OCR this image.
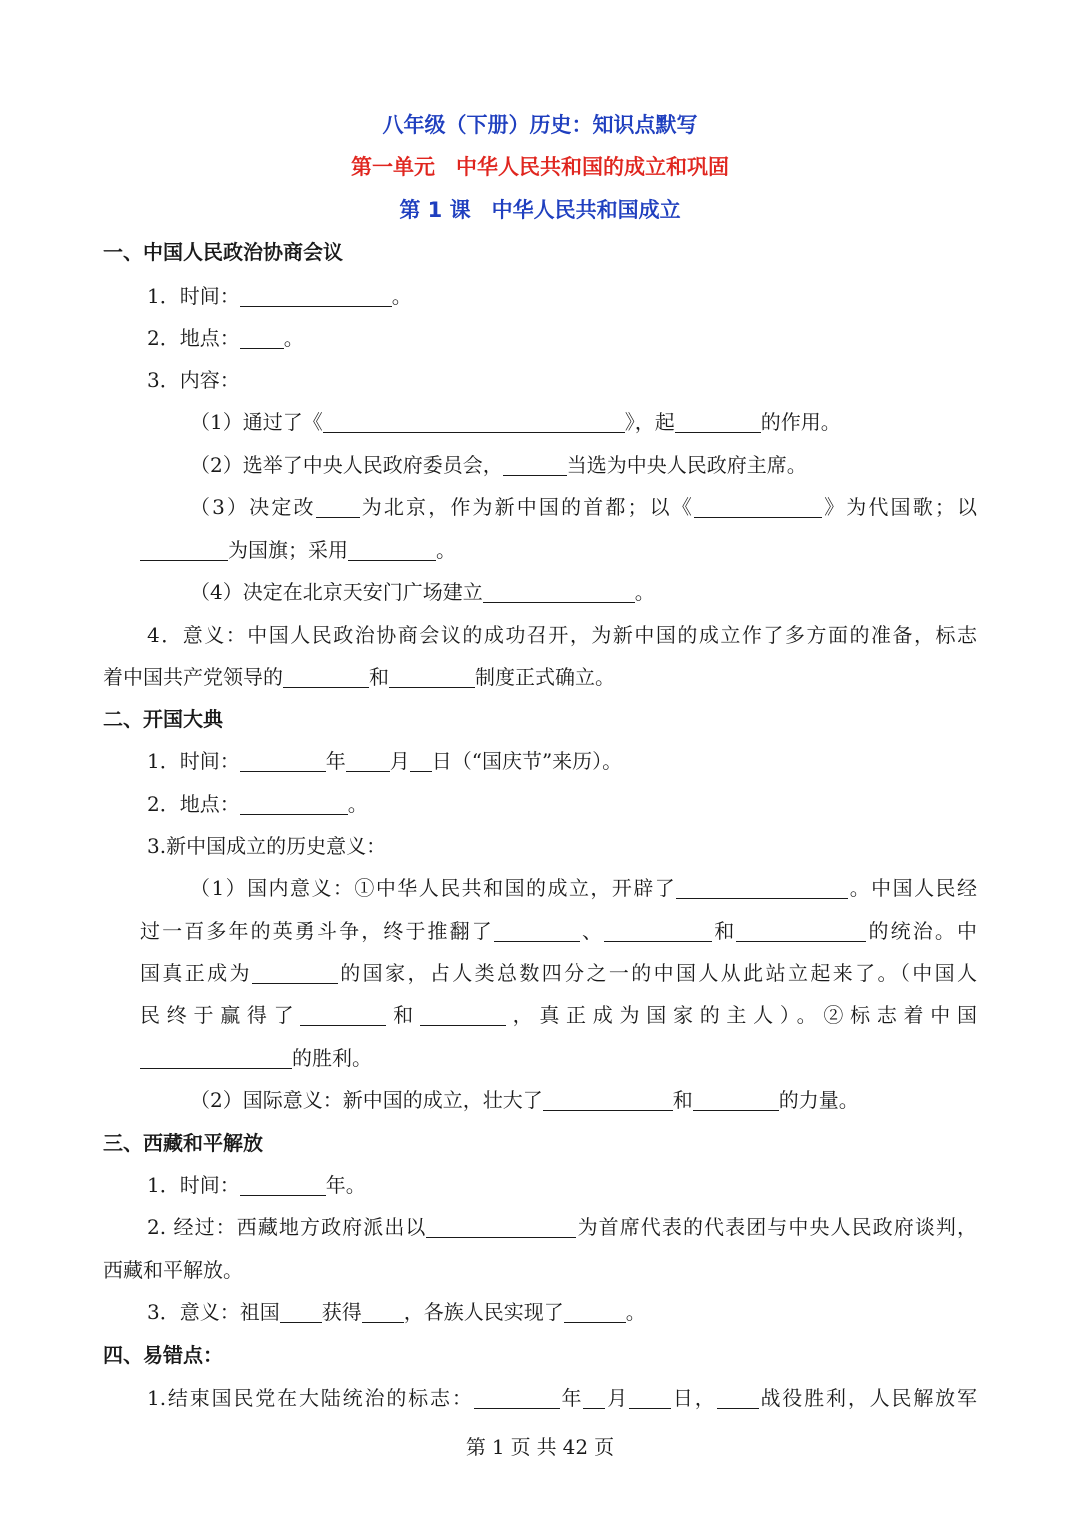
八年级（下册）历史：知识点默写
第一单元　中华人民共和国的成立和巩固
第 1 课　中华人民共和国成立
一、中国人民政治协商会议
1．时间：	。
2．地点： 。
3．内容：
（1）通过了《	》，起	的作用。
（2）选举了中央人民政府委员会，	当选为中央人民政府主席。
（3）决定改 为北京，作为新中国的首都；以《	》为代国歌；以
为国旗；采用	。
（4）决定在北京天安门广场建立	。
4．意义：中国人民政治协商会议的成功召开，为新中国的成立作了多方面的准备，标志
着中国共产党领导的	和	制度正式确立。
二、开国大典
1．时间：	年 月 日（“国庆节”来历）。
2．地点：	。
3.新中国成立的历史意义：
（1）国内意义：①中华人民共和国的成立，开辟了	。中国人民经
过一百多年的英勇斗争，终于推翻了	、	和	的统治。中
国真正成为	的国家，占人类总数四分之一的中国人从此站立起来了。（中国人
民终于赢得了	和	，真正成为国家的主人）。②标志着中国
的胜利。
（2）国际意义：新中国的成立，壮大了	和	的力量。
三、西藏和平解放
1．时间：	年。
2. 经过：西藏地方政府派出以	为首席代表的代表团与中央人民政府谈判，
西藏和平解放。
3．意义：祖国 获得 ，各族人民实现了	。
四、易错点：
1.结束国民党在大陆统治的标志：	年 月 日， 战役胜利，人民解放军
第 1 页 共 42 页
